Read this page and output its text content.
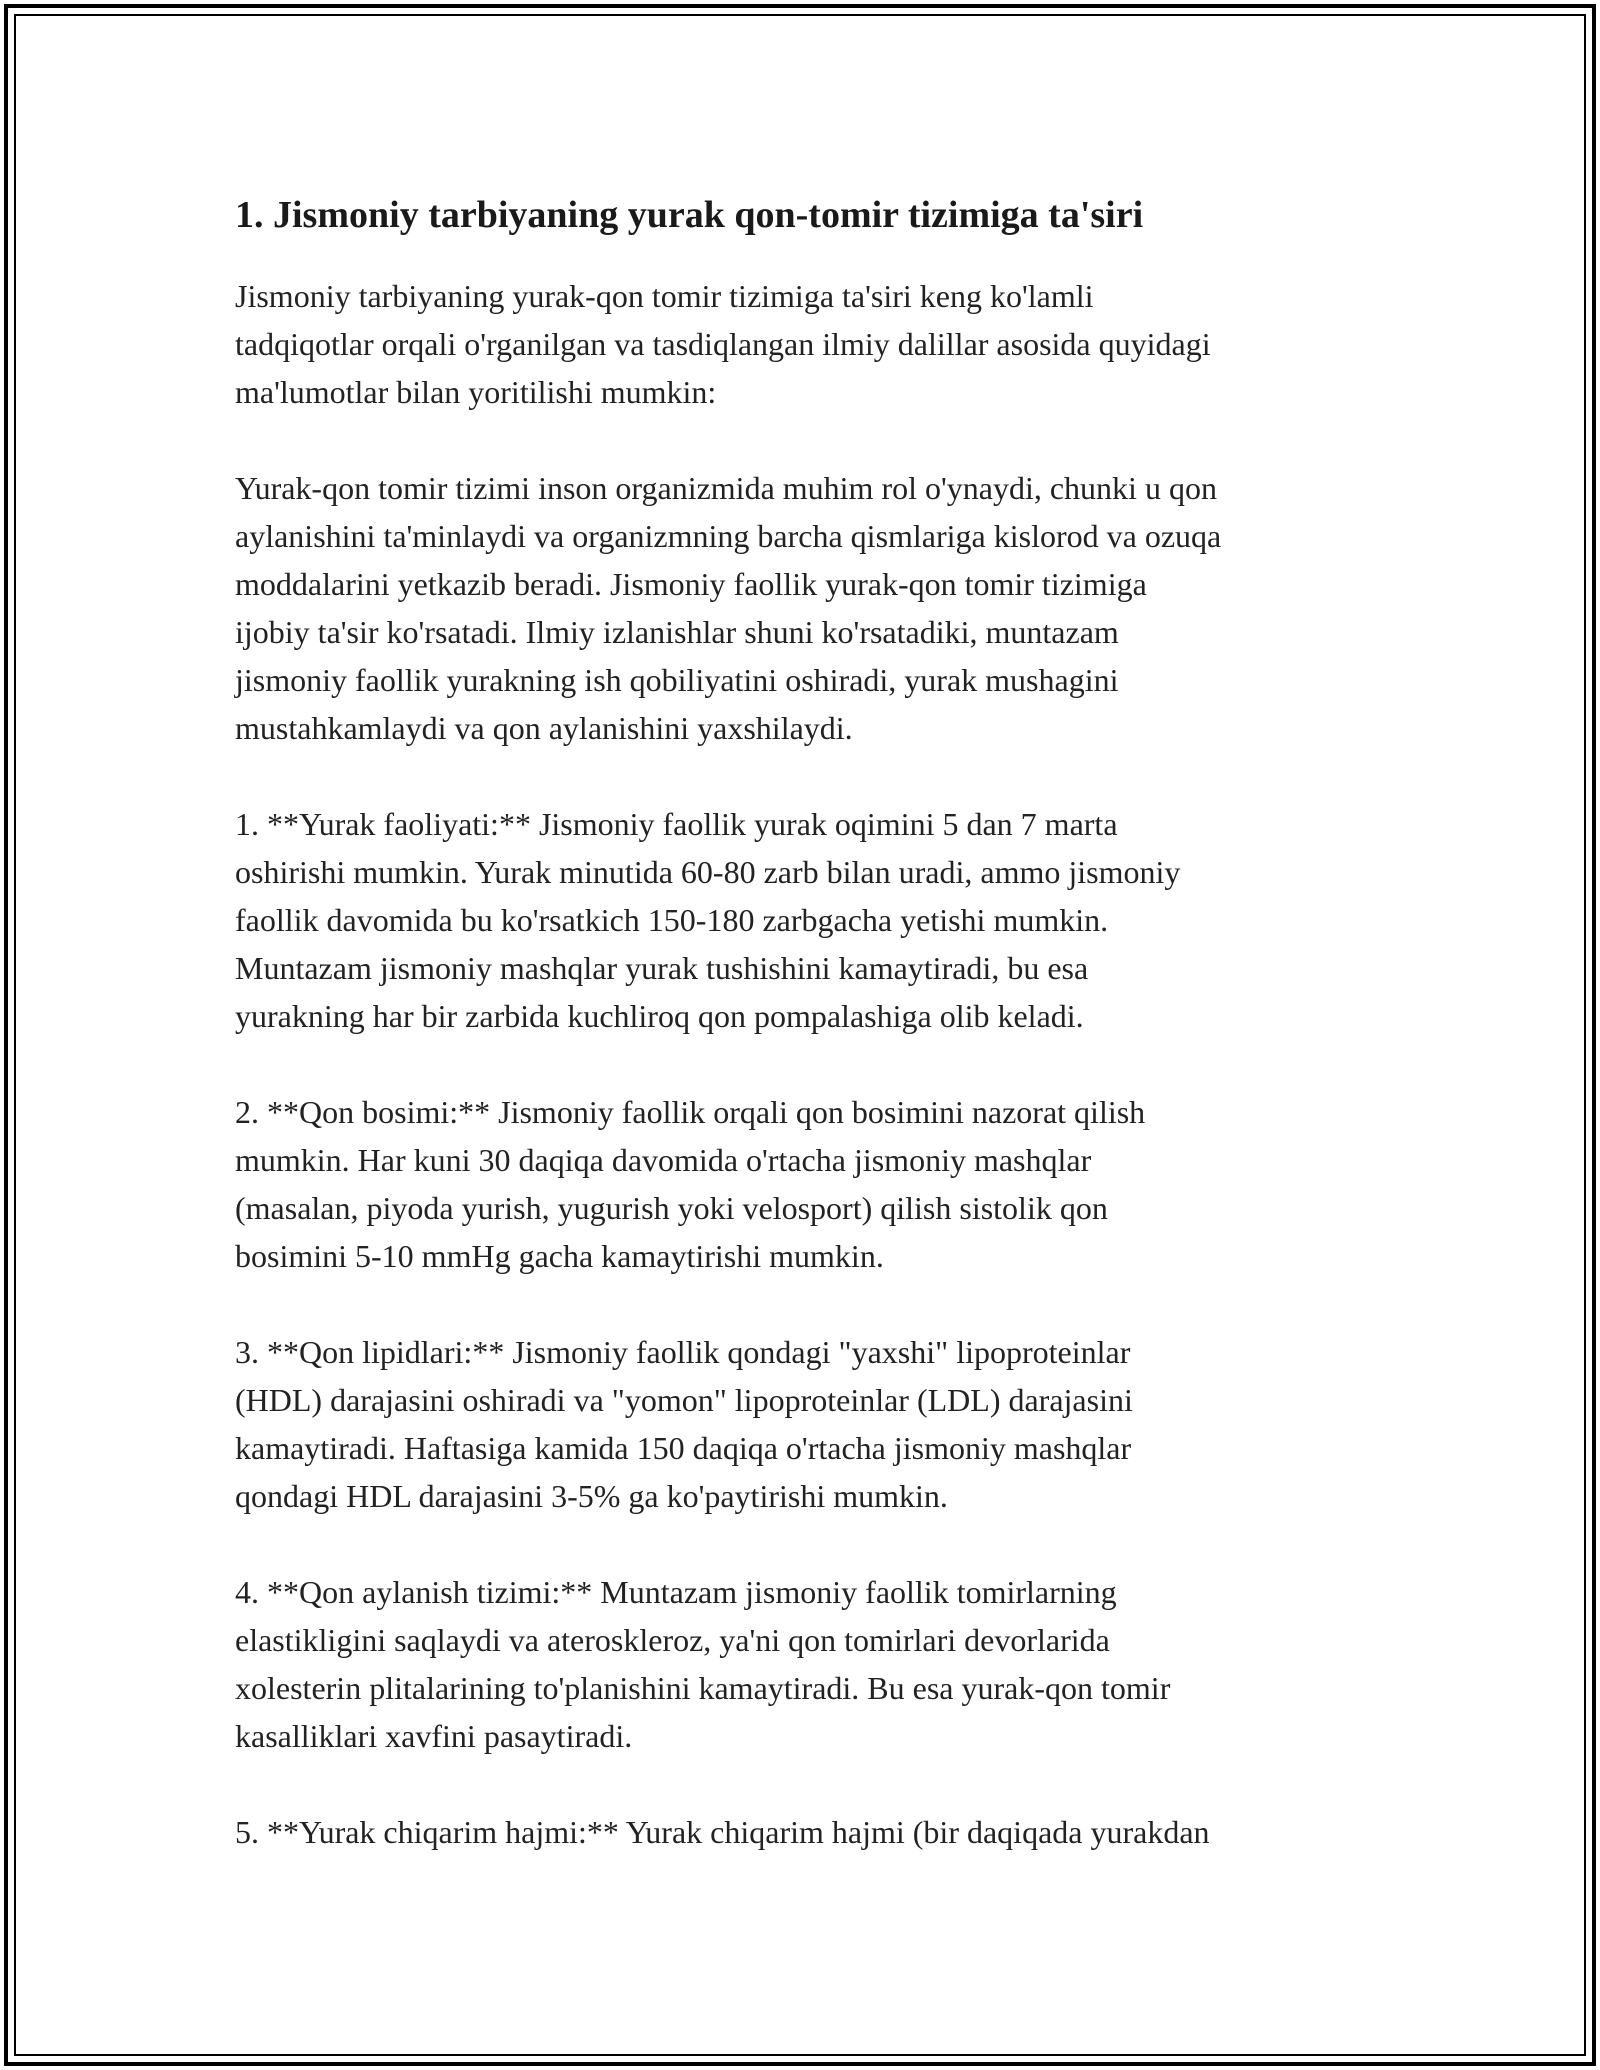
1. Jismoniy tarbiyaning yurak qon-tomir tizimiga ta'siri

Jismoniy tarbiyaning yurak-qon tomir tizimiga ta'siri keng ko'lamli
tadqiqotlar orqali o'rganilgan va tasdiqlangan ilmiy dalillar asosida quyidagi
ma'lumotlar bilan yoritilishi mumkin:

Yurak-qon tomir tizimi inson organizmida muhim rol o'ynaydi, chunki u qon
aylanishini ta'minlaydi va organizmning barcha qismlariga kislorod va ozuqa
moddalarini yetkazib beradi. Jismoniy faollik yurak-qon tomir tizimiga
ijobiy ta'sir ko'rsatadi. Ilmiy izlanishlar shuni ko'rsatadiki, muntazam
jismoniy faollik yurakning ish qobiliyatini oshiradi, yurak mushagini
mustahkamlaydi va qon aylanishini yaxshilaydi.

1. **Yurak faoliyati:** Jismoniy faollik yurak oqimini 5 dan 7 marta
oshirishi mumkin. Yurak minutida 60-80 zarb bilan uradi, ammo jismoniy
faollik davomida bu ko'rsatkich 150-180 zarbgacha yetishi mumkin.
Muntazam jismoniy mashqlar yurak tushishini kamaytiradi, bu esa
yurakning har bir zarbida kuchliroq qon pompalashiga olib keladi.

2. **Qon bosimi:** Jismoniy faollik orqali qon bosimini nazorat qilish
mumkin. Har kuni 30 daqiqa davomida o'rtacha jismoniy mashqlar
(masalan, piyoda yurish, yugurish yoki velosport) qilish sistolik qon
bosimini 5-10 mmHg gacha kamaytirishi mumkin.

3. **Qon lipidlari:** Jismoniy faollik qondagi "yaxshi" lipoproteinlar
(HDL) darajasini oshiradi va "yomon" lipoproteinlar (LDL) darajasini
kamaytiradi. Haftasiga kamida 150 daqiqa o'rtacha jismoniy mashqlar
qondagi HDL darajasini 3-5% ga ko'paytirishi mumkin.

4. **Qon aylanish tizimi:** Muntazam jismoniy faollik tomirlarning
elastikligini saqlaydi va ateroskleroz, ya'ni qon tomirlari devorlarida
xolesterin plitalarining to'planishini kamaytiradi. Bu esa yurak-qon tomir
kasalliklari xavfini pasaytiradi.

5. **Yurak chiqarim hajmi:** Yurak chiqarim hajmi (bir daqiqada yurakdan
